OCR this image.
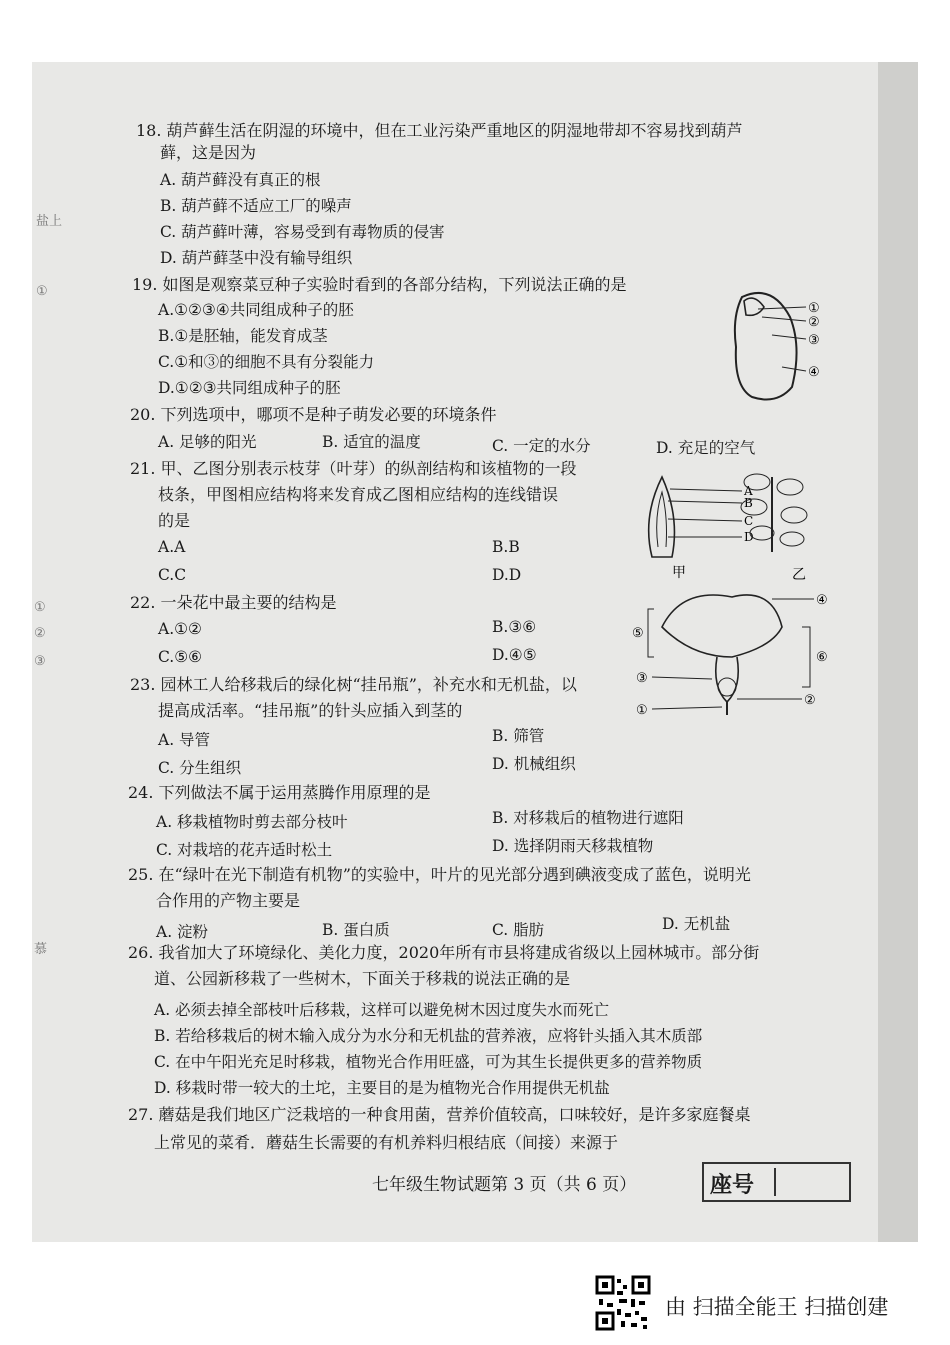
盐上
①
①
②
③
慕
18. 葫芦藓生活在阴湿的环境中，但在工业污染严重地区的阴湿地带却不容易找到葫芦
藓，这是因为
A. 葫芦藓没有真正的根
B. 葫芦藓不适应工厂的噪声
C. 葫芦藓叶薄，容易受到有毒物质的侵害
D. 葫芦藓茎中没有输导组织
19. 如图是观察菜豆种子实验时看到的各部分结构，下列说法正确的是
A.①②③④共同组成种子的胚
B.①是胚轴，能发育成茎
C.①和③的细胞不具有分裂能力
D.①②③共同组成种子的胚
①
②
③
④
20. 下列选项中，哪项不是种子萌发必要的环境条件
A. 足够的阳光	B. 适宜的温度	C. 一定的水分	D. 充足的空气
21. 甲、乙图分别表示枝芽（叶芽）的纵剖结构和该植物的一段
枝条，甲图相应结构将来发育成乙图相应结构的连线错误
的是
A.A	B.B
C.C	D.D
A
B
C
D
甲	乙
22. 一朵花中最主要的结构是
A.①②	B.③⑥
C.⑤⑥	D.④⑤
④
⑤
⑥
③
①
②
23. 园林工人给移栽后的绿化树“挂吊瓶”，补充水和无机盐，以
提高成活率。“挂吊瓶”的针头应插入到茎的
A. 导管	B. 筛管
C. 分生组织	D. 机械组织
24. 下列做法不属于运用蒸腾作用原理的是
A. 移栽植物时剪去部分枝叶	B. 对移栽后的植物进行遮阳
C. 对栽培的花卉适时松土	D. 选择阴雨天移栽植物
25. 在“绿叶在光下制造有机物”的实验中，叶片的见光部分遇到碘液变成了蓝色，说明光
合作用的产物主要是
A. 淀粉	B. 蛋白质	C. 脂肪	D. 无机盐
26. 我省加大了环境绿化、美化力度，2020年所有市县将建成省级以上园林城市。部分街
道、公园新移栽了一些树木，下面关于移栽的说法正确的是
A. 必须去掉全部枝叶后移栽，这样可以避免树木因过度失水而死亡
B. 若给移栽后的树木输入成分为水分和无机盐的营养液，应将针头插入其木质部
C. 在中午阳光充足时移栽，植物光合作用旺盛，可为其生长提供更多的营养物质
D. 移栽时带一较大的土坨，主要目的是为植物光合作用提供无机盐
27. 蘑菇是我们地区广泛栽培的一种食用菌，营养价值较高，口味较好，是许多家庭餐桌
上常见的菜肴．蘑菇生长需要的有机养料归根结底（间接）来源于
七年级生物试题第 3 页（共 6 页）	座号
由 扫描全能王 扫描创建
